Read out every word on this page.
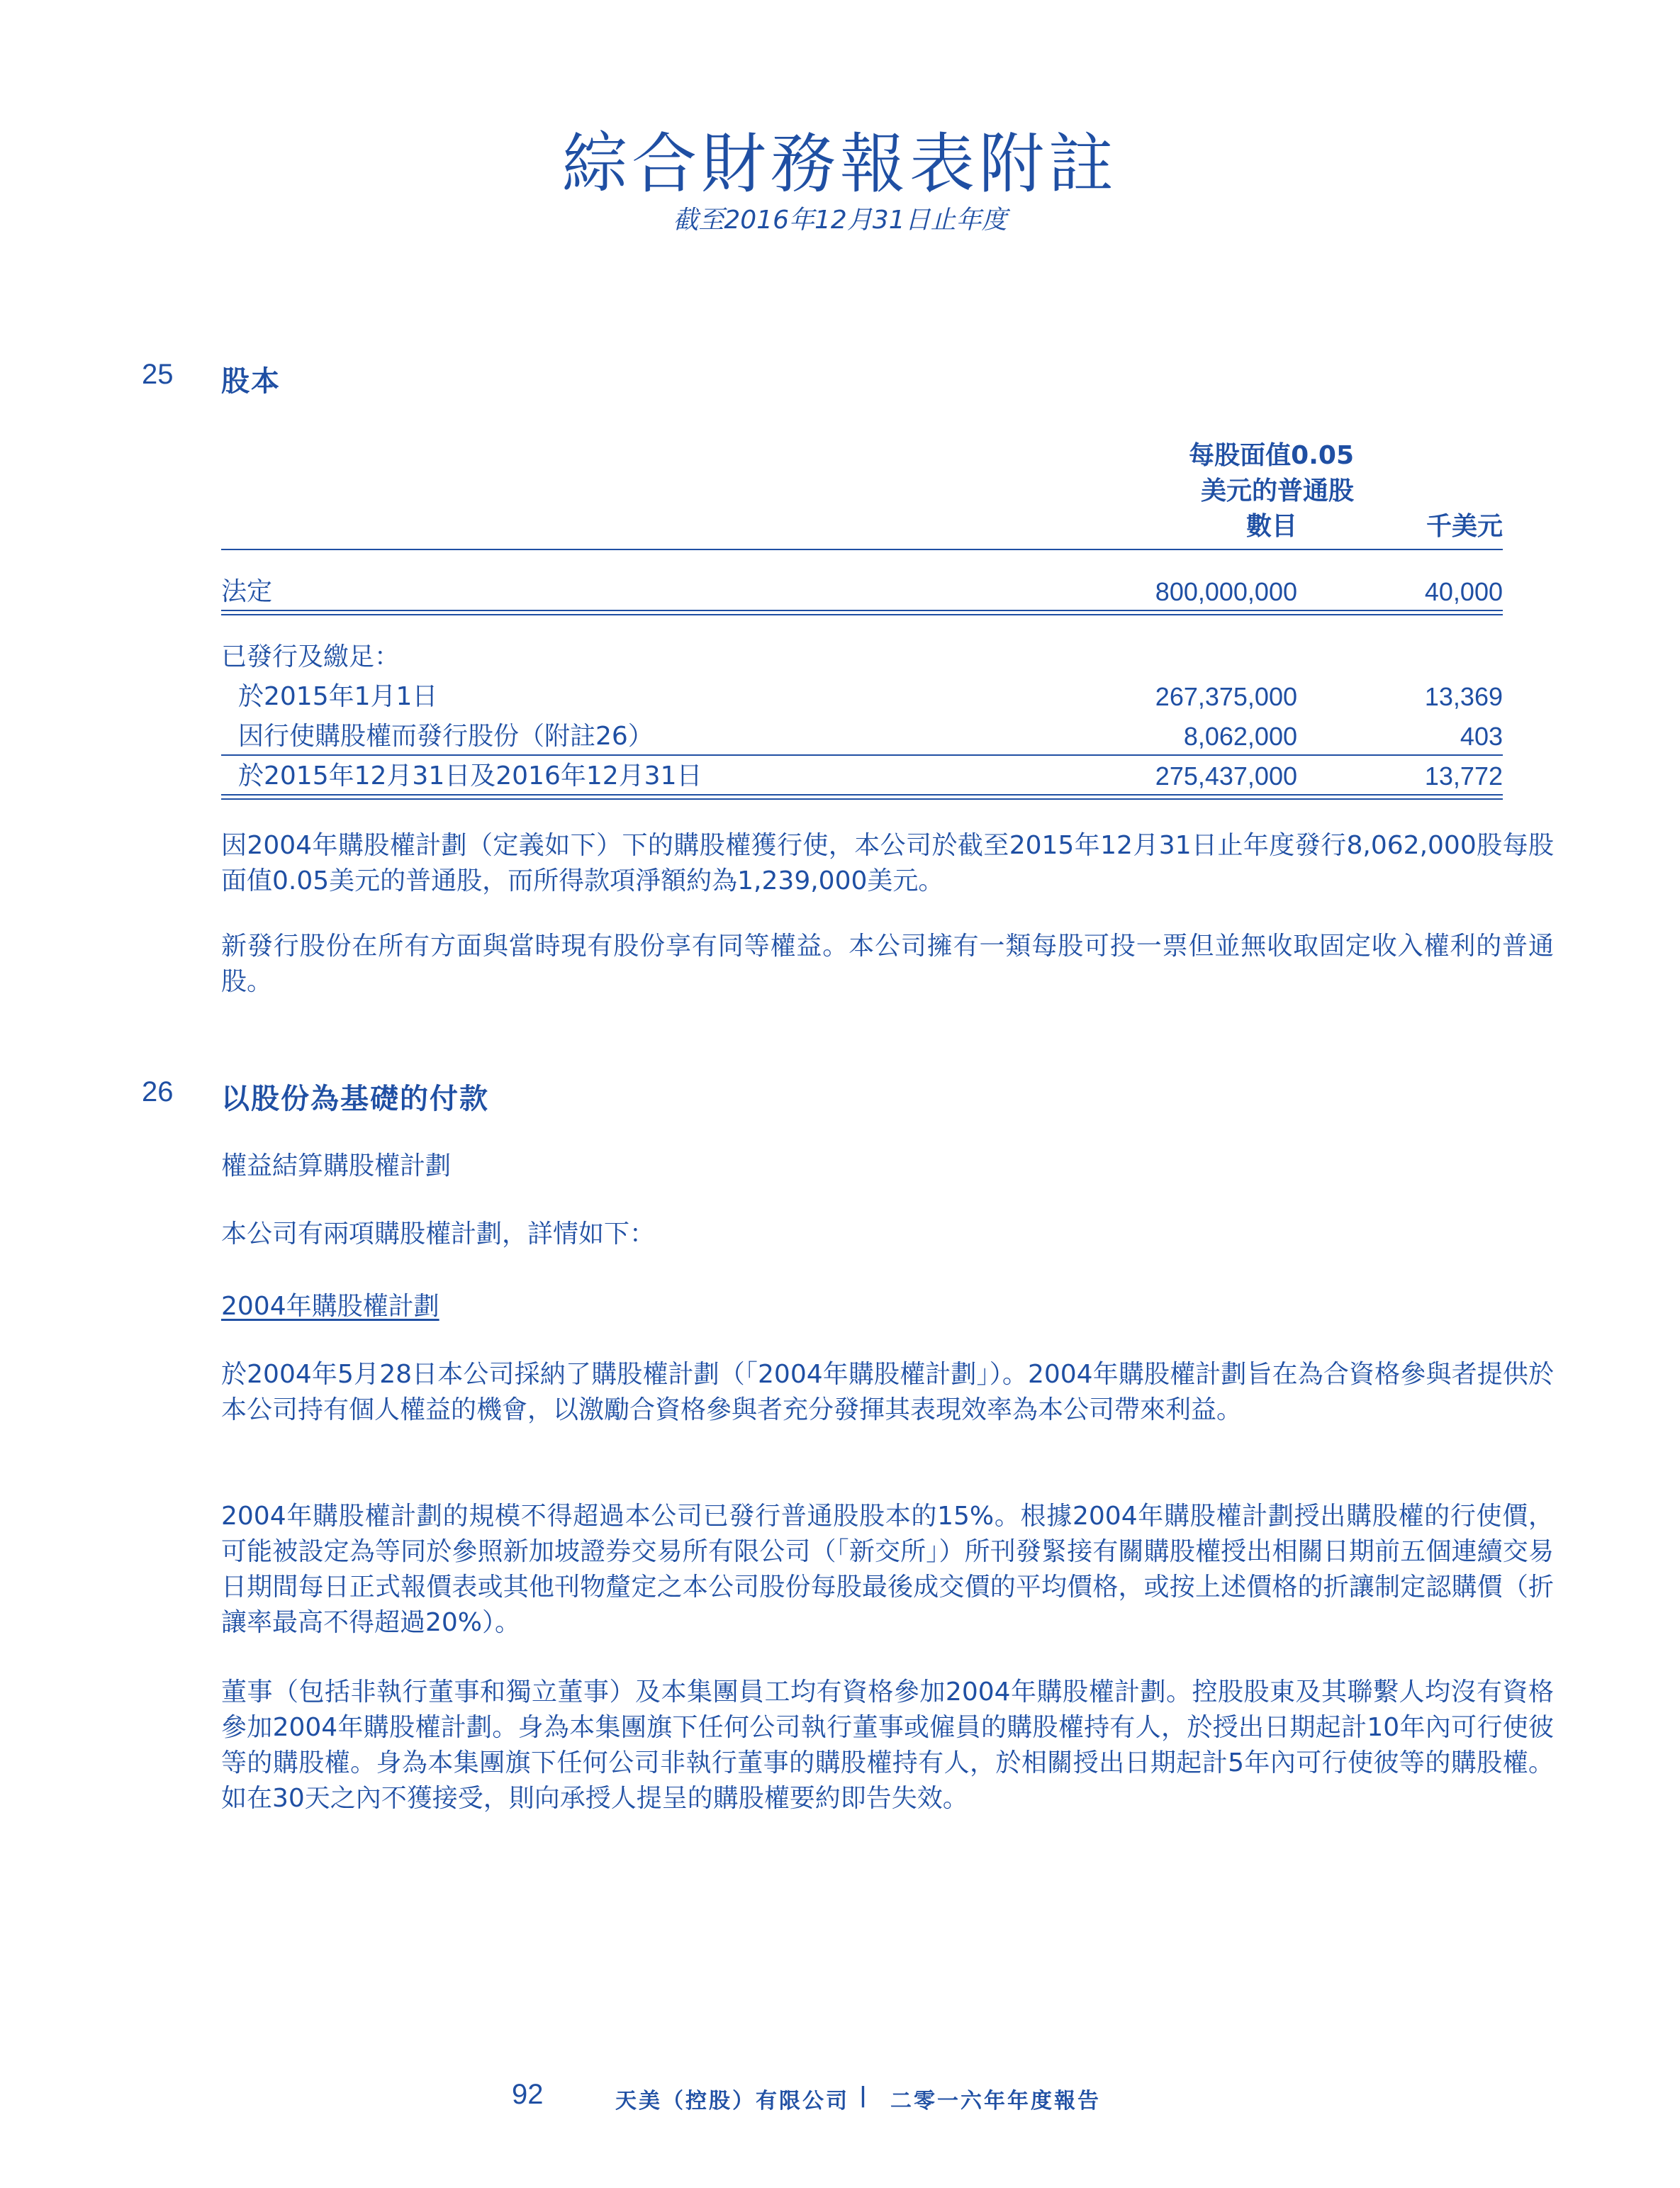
綜合財務報表附註
截至2016年12月31日止年度
25 股本
每股面值0.05
美元的普通股
數目	千美元
法定	800,000,000	40,000
已發行及繳足：
於2015年1月1日	267,375,000	13,369
因行使購股權而發行股份（附註26）	8,062,000	403
於2015年12月31日及2016年12月31日	275,437,000	13,772

因2004年購股權計劃（定義如下）下的購股權獲行使，本公司於截至2015年12月31日止年度發行8,062,000股每股面值0.05美元的普通股，而所得款項淨額約為1,239,000美元。

新發行股份在所有方面與當時現有股份享有同等權益。本公司擁有一類每股可投一票但並無收取固定收入權利的普通股。

26 以股份為基礎的付款

權益結算購股權計劃

本公司有兩項購股權計劃，詳情如下：

2004年購股權計劃

於2004年5月28日本公司採納了購股權計劃（「2004年購股權計劃」）。2004年購股權計劃旨在為合資格參與者提供於本公司持有個人權益的機會，以激勵合資格參與者充分發揮其表現效率為本公司帶來利益。

2004年購股權計劃的規模不得超過本公司已發行普通股股本的15%。根據2004年購股權計劃授出購股權的行使價，可能被設定為等同於參照新加坡證券交易所有限公司（「新交所」）所刊發緊接有關購股權授出相關日期前五個連續交易日期間每日正式報價表或其他刊物釐定之本公司股份每股最後成交價的平均價格，或按上述價格的折讓制定認購價（折讓率最高不得超過20%）。

董事（包括非執行董事和獨立董事）及本集團員工均有資格參加2004年購股權計劃。控股股東及其聯繫人均沒有資格參加2004年購股權計劃。身為本集團旗下任何公司執行董事或僱員的購股權持有人，於授出日期起計10年內可行使彼等的購股權。身為本集團旗下任何公司非執行董事的購股權持有人，於相關授出日期起計5年內可行使彼等的購股權。如在30天之內不獲接受，則向承授人提呈的購股權要約即告失效。

92	天美（控股）有限公司 | 二零一六年年度報告
